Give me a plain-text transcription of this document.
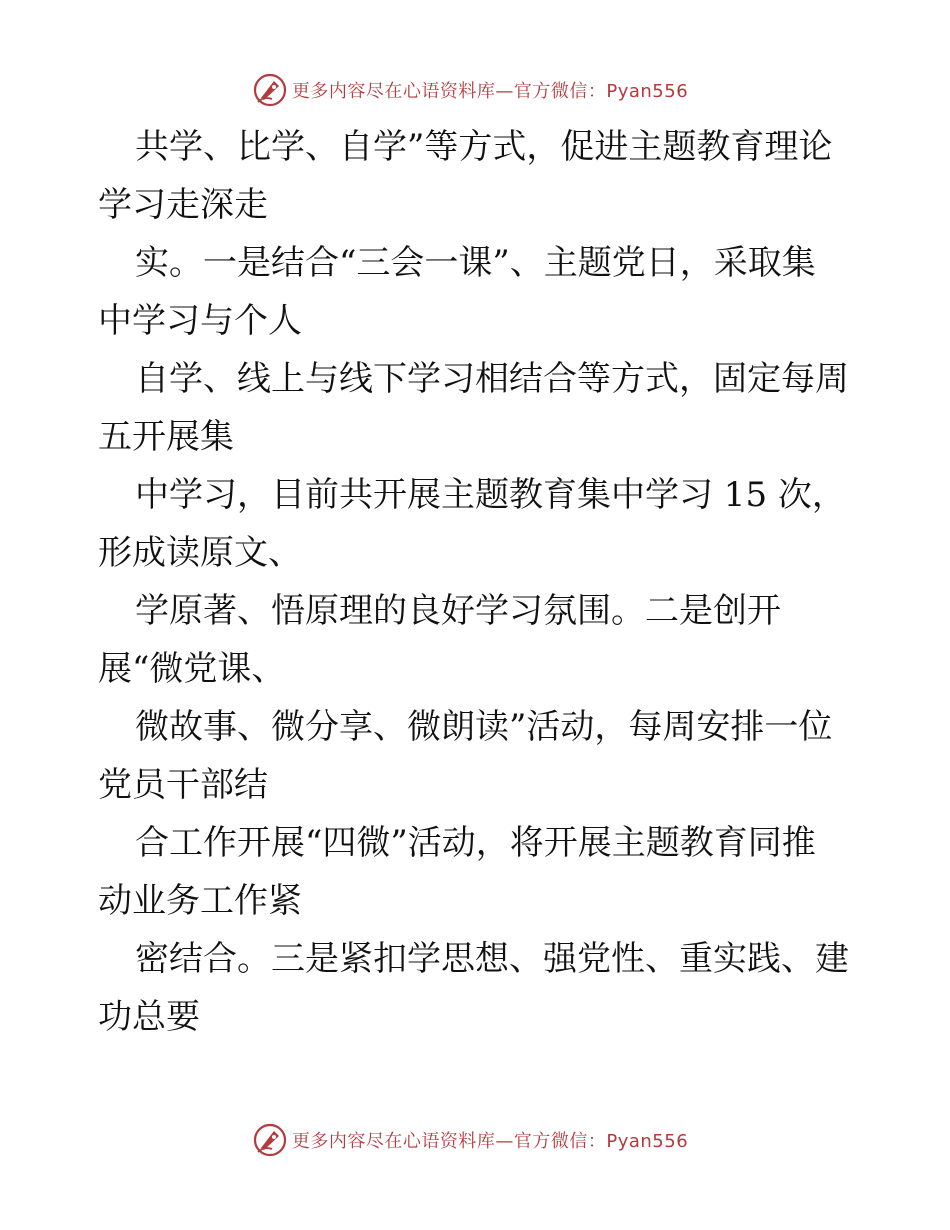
更多内容尽在心语资料库—官方微信：Pyan556

共学、比学、自学”等方式，促进主题教育理论
学习走深走

实。一是结合“三会一课”、主题党日，采取集
中学习与个人

自学、线上与线下学习相结合等方式，固定每周
五开展集

中学习，目前共开展主题教育集中学习 15 次，
形成读原文、

学原著、悟原理的良好学习氛围。二是创开
展“微党课、

微故事、微分享、微朗读”活动，每周安排一位
党员干部结

合工作开展“四微”活动，将开展主题教育同推
动业务工作紧

密结合。三是紧扣学思想、强党性、重实践、建
功总要

更多内容尽在心语资料库—官方微信：Pyan556
